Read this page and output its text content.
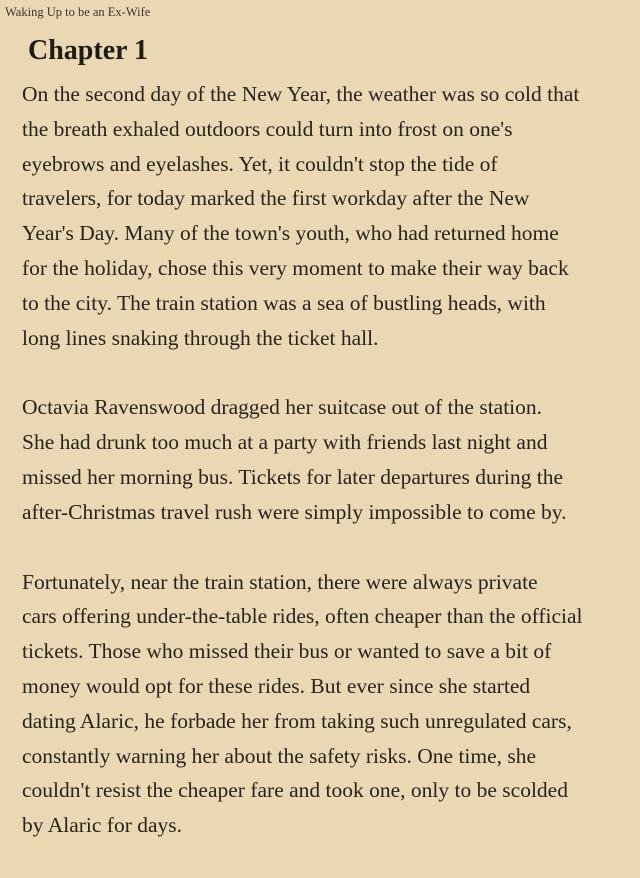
Waking Up to be an Ex-Wife
Chapter 1

On the second day of the New Year, the weather was so cold that
the breath exhaled outdoors could turn into frost on one's
eyebrows and eyelashes. Yet, it couldn't stop the tide of
travelers, for today marked the first workday after the New
Year's Day. Many of the town's youth, who had returned home
for the holiday, chose this very moment to make their way back
to the city. The train station was a sea of bustling heads, with
long lines snaking through the ticket hall.

Octavia Ravenswood dragged her suitcase out of the station.
She had drunk too much at a party with friends last night and
missed her morning bus. Tickets for later departures during the
after-Christmas travel rush were simply impossible to come by.

Fortunately, near the train station, there were always private
cars offering under-the-table rides, often cheaper than the official
tickets. Those who missed their bus or wanted to save a bit of
money would opt for these rides. But ever since she started
dating Alaric, he forbade her from taking such unregulated cars,
constantly warning her about the safety risks. One time, she
couldn't resist the cheaper fare and took one, only to be scolded
by Alaric for days.
